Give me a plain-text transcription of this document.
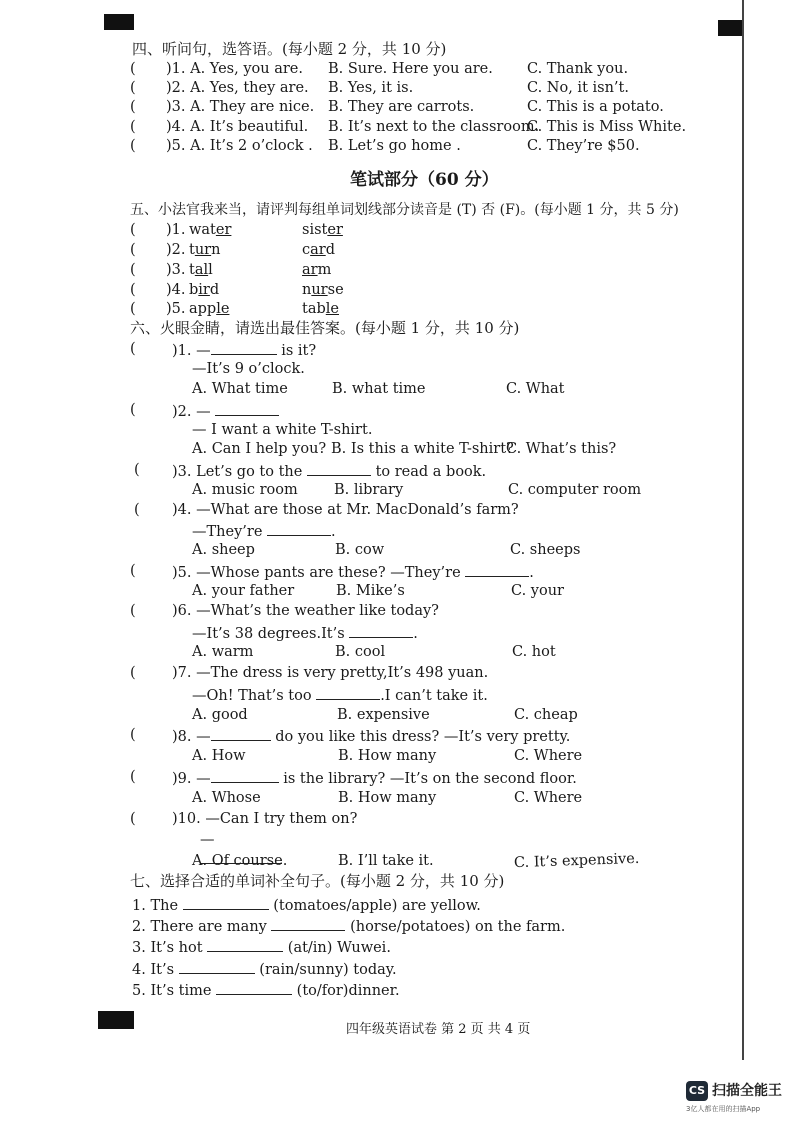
四、听问句，选答语。(每小题 2 分，共 10 分)
( )1. A. Yes, you are. B. Sure. Here you are. C. Thank you.
( )2. A. Yes, they are. B. Yes, it is.	C. No, it isn’t.
( )3. A. They are nice. B. They are carrots.	C. This is a potato.
( )4. A. It’s beautiful. B. It’s next to the classroom.
C. This is Miss White.
( )5. A. It’s 2 o’clock . B. Let’s go home .	C. They’re $50.
笔试部分（60 分）
五、小法官我来当，请评判每组单词划线部分读音是 (T) 否 (F)。(每小题 1 分，共 5 分)
( )1. water	sister
( )2. turn	card
( )3. tall	arm
( )4. bird	nurse
( )5. apple	table
六、火眼金睛，请选出最佳答案。(每小题 1 分，共 10 分)
(	)1. —	is it?
—It’s 9 o’clock.
A. What time	B. what time	C. What
(	)2. —
— I want a white T-shirt.
A. Can I help you? B. Is this a white T-shirt?
C. What’s this?
( )3. Let’s go to the	to read a book.
A. music room	B. library	C. computer room
( )4. —What are those at Mr. MacDonald’s farm?
—They’re	.
A. sheep	B. cow	C. sheeps
(	)5. —Whose pants are these? —They’re	.
A. your father	B. Mike’s	C. your
(	)6. —What’s the weather like today?
—It’s 38 degrees.It’s	.
A. warm	B. cool	C. hot
(	)7. —The dress is very pretty,It’s 498 yuan.
—Oh! That’s too	.I can’t take it.
A. good	B. expensive	C. cheap
(	)8. —	do you like this dress? —It’s very pretty.
A. How	B. How many	C. Where
(	)9. —	is the library? —It’s on the second floor.
A. Whose	B. How many	C. Where
(	)10. —Can I try them on?
—

A. Of course.	B. I’ll take it.	C. It’s expensive.
七、选择合适的单词补全句子。(每小题 2 分，共 10 分)
1. The	(tomatoes/apple) are yellow.
2. There are many	(horse/potatoes) on the farm.
3. It’s hot	(at/in) Wuwei.
4. It’s	(rain/sunny) today.
5. It’s time	(to/for)dinner.
四年级英语试卷 第 2 页 共 4 页
CS 扫描全能王
3亿人都在用的扫描App
